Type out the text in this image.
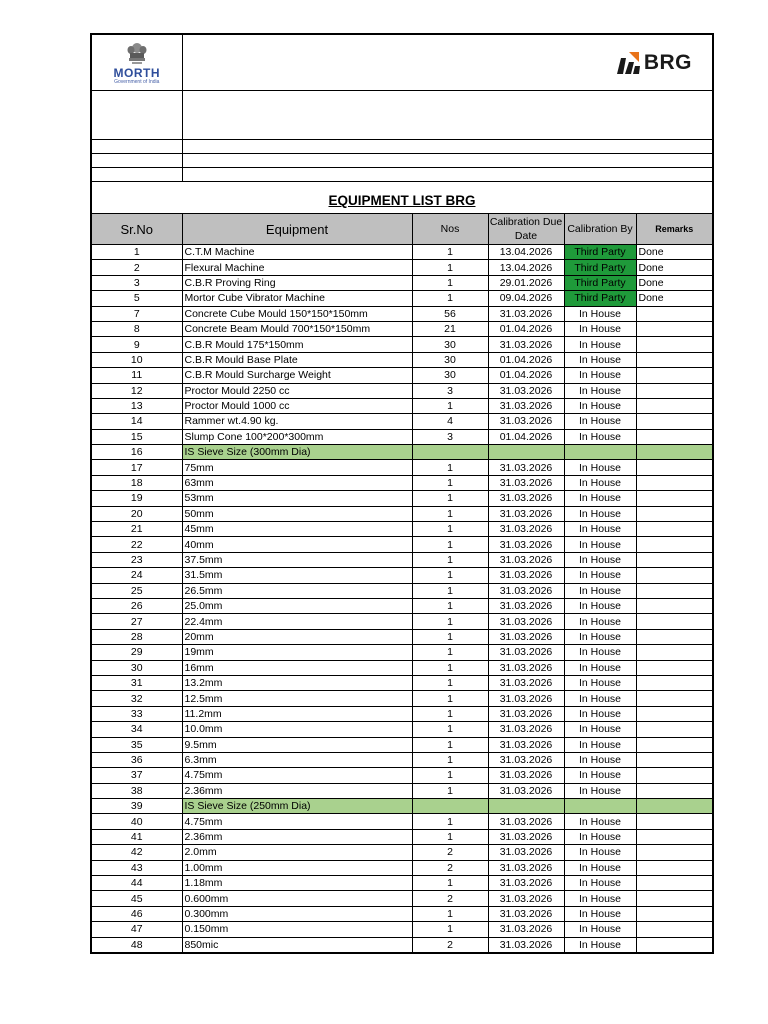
MORTH
Government of India	BRG				

EQUIPMENT LIST BRG					
Sr.No	Equipment	Nos	Calibration Due Date	Calibration By	Remarks
1	C.T.M Machine	1	13.04.2026	Third Party	Done
2	Flexural Machine	1	13.04.2026	Third Party	Done
3	C.B.R Proving Ring	1	29.01.2026	Third Party	Done
5	Mortor Cube Vibrator Machine	1	09.04.2026	Third Party	Done
7	Concrete Cube Mould 150*150*150mm	56	31.03.2026	In House	
8	Concrete Beam Mould 700*150*150mm	21	01.04.2026	In House	
9	C.B.R Mould 175*150mm	30	31.03.2026	In House	
10	C.B.R Mould Base Plate	30	01.04.2026	In House	
11	C.B.R Mould Surcharge Weight	30	01.04.2026	In House	
12	Proctor Mould 2250 cc	3	31.03.2026	In House	
13	Proctor Mould 1000 cc	1	31.03.2026	In House	
14	Rammer wt.4.90 kg.	4	31.03.2026	In House	
15	Slump Cone 100*200*300mm	3	01.04.2026	In House	
16	IS Sieve Size (300mm Dia)				
17	75mm	1	31.03.2026	In House	
18	63mm	1	31.03.2026	In House	
19	53mm	1	31.03.2026	In House	
20	50mm	1	31.03.2026	In House	
21	45mm	1	31.03.2026	In House	
22	40mm	1	31.03.2026	In House	
23	37.5mm	1	31.03.2026	In House	
24	31.5mm	1	31.03.2026	In House	
25	26.5mm	1	31.03.2026	In House	
26	25.0mm	1	31.03.2026	In House	
27	22.4mm	1	31.03.2026	In House	
28	20mm	1	31.03.2026	In House	
29	19mm	1	31.03.2026	In House	
30	16mm	1	31.03.2026	In House	
31	13.2mm	1	31.03.2026	In House	
32	12.5mm	1	31.03.2026	In House	
33	11.2mm	1	31.03.2026	In House	
34	10.0mm	1	31.03.2026	In House	
35	9.5mm	1	31.03.2026	In House	
36	6.3mm	1	31.03.2026	In House	
37	4.75mm	1	31.03.2026	In House	
38	2.36mm	1	31.03.2026	In House	
39	IS Sieve Size (250mm Dia)				
40	4.75mm	1	31.03.2026	In House	
41	2.36mm	1	31.03.2026	In House	
42	2.0mm	2	31.03.2026	In House	
43	1.00mm	2	31.03.2026	In House	
44	1.18mm	1	31.03.2026	In House	
45	0.600mm	2	31.03.2026	In House	
46	0.300mm	1	31.03.2026	In House	
47	0.150mm	1	31.03.2026	In House	
48	850mic	2	31.03.2026	In House	
